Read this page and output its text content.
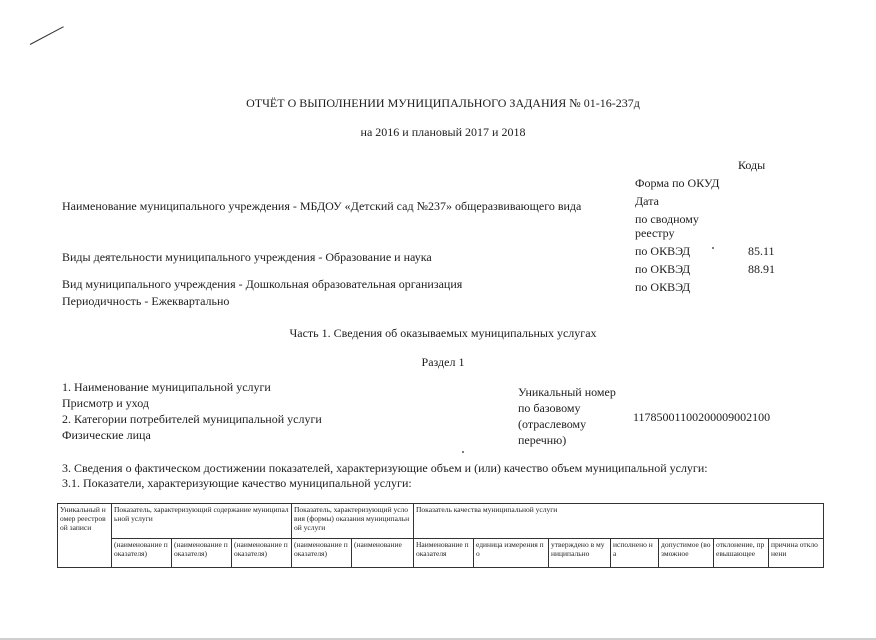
ОТЧЁТ О ВЫПОЛНЕНИИ МУНИЦИПАЛЬНОГО ЗАДАНИЯ № 01-16-237д
на 2016 и плановый 2017 и 2018
Коды
Форма по ОКУД
Дата
по сводному
реестру
по ОКВЭД	85.11
по ОКВЭД	88.91
по ОКВЭД
Наименование муниципального учреждения - МБДОУ «Детский сад №237» общеразвивающего вида
Виды деятельности муниципального учреждения - Образование и наука
Вид муниципального учреждения - Дошкольная образовательная организация
Периодичность - Ежеквартально
Часть 1. Сведения об оказываемых муниципальных услугах
Раздел 1
1. Наименование муниципальной услуги
Присмотр и уход
2. Категории потребителей муниципальной услуги
Физические лица
Уникальный номер
по базовому
(отраслевому
перечню)
11785001100200009002100
3. Сведения о фактическом достижении показателей, характеризующие объем и (или) качество объем муниципальной услуги:
3.1. Показатели, характеризующие качество муниципальной услуги:
Уникальный номер реестровой записи	Показатель, характеризующий содержание муниципальной услуги			Показатель, характеризующий условия (формы) оказания муниципальной услуги		Показатель качества муниципальной услуги						
	(наименование показателя)	(наименование показателя)	(наименование показателя)	(наименование показателя)	(наименование	Наименование показателя	единица измерения по	утверждено в муниципально	исполнено на	допустимое (возможное	отклонение, превышающее	причина отклонени
